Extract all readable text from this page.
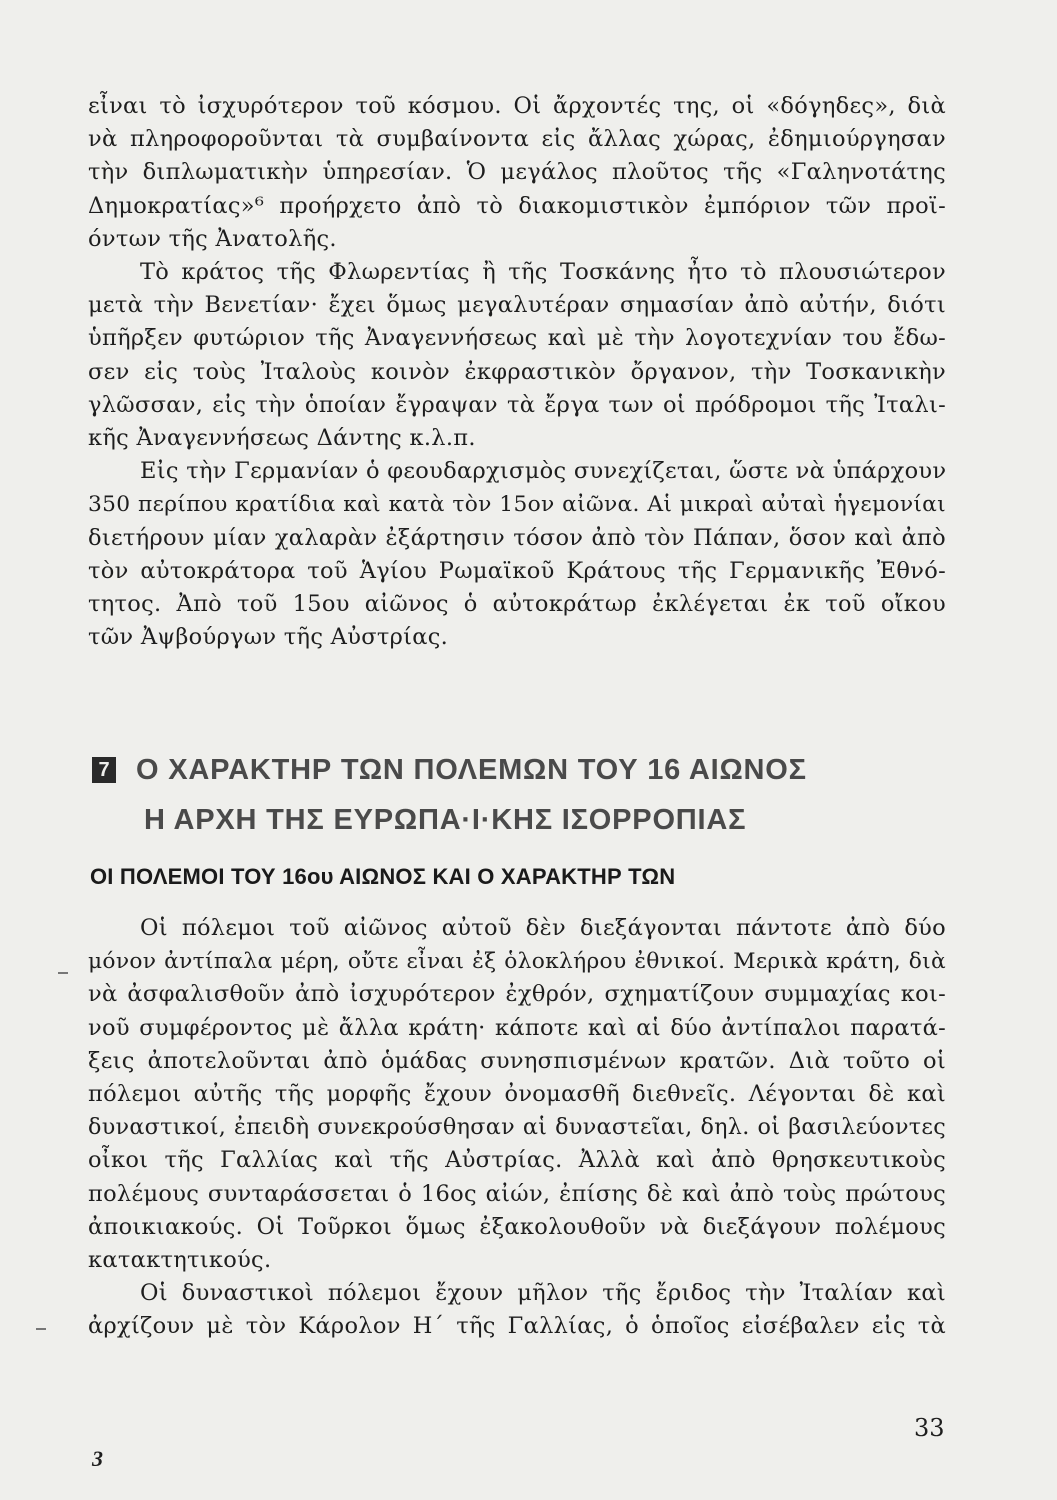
εἶναι τὸ ἰσχυρότερον τοῦ κόσμου. Οἱ ἄρχοντές της, οἱ «δόγηδες», διὰ
νὰ πληροφοροῦνται τὰ συμβαίνοντα εἰς ἄλλας χώρας, ἐδημιούργησαν
τὴν διπλωματικὴν ὑπηρεσίαν. Ὁ μεγάλος πλοῦτος τῆς «Γαληνοτάτης
Δημοκρατίας»⁶ προήρχετο ἀπὸ τὸ διακομιστικὸν ἐμπόριον τῶν προϊ-
όντων τῆς Ἀνατολῆς.
Τὸ κράτος τῆς Φλωρεντίας ἢ τῆς Τοσκάνης ἦτο τὸ πλουσιώτερον
μετὰ τὴν Βενετίαν· ἔχει ὅμως μεγαλυτέραν σημασίαν ἀπὸ αὐτήν, διότι
ὑπῆρξεν φυτώριον τῆς Ἀναγεννήσεως καὶ μὲ τὴν λογοτεχνίαν του ἔδω-
σεν εἰς τοὺς Ἰταλοὺς κοινὸν ἐκφραστικὸν ὄργανον, τὴν Τοσκανικὴν
γλῶσσαν, εἰς τὴν ὁποίαν ἔγραψαν τὰ ἔργα των οἱ πρόδρομοι τῆς Ἰταλι-
κῆς Ἀναγεννήσεως Δάντης κ.λ.π.
Εἰς τὴν Γερμανίαν ὁ φεουδαρχισμὸς συνεχίζεται, ὥστε νὰ ὑπάρχουν
350 περίπου κρατίδια καὶ κατὰ τὸν 15ον αἰῶνα. Αἱ μικραὶ αὐταὶ ἡγεμονίαι
διετήρουν μίαν χαλαρὰν ἐξάρτησιν τόσον ἀπὸ τὸν Πάπαν, ὅσον καὶ ἀπὸ
τὸν αὐτοκράτορα τοῦ Ἁγίου Ρωμαϊκοῦ Κράτους τῆς Γερμανικῆς Ἐθνό-
τητος. Ἀπὸ τοῦ 15ου αἰῶνος ὁ αὐτοκράτωρ ἐκλέγεται ἐκ τοῦ οἴκου
τῶν Ἀψβούργων τῆς Αὐστρίας.
7 Ο ΧΑΡΑΚΤΗΡ ΤΩΝ ΠΟΛΕΜΩΝ ΤΟΥ 16 ΑΙΩΝΟΣ
Η ΑΡΧΗ ΤΗΣ ΕΥΡΩΠΑ·Ι·ΚΗΣ ΙΣΟΡΡΟΠΙΑΣ
ΟΙ ΠΟΛΕΜΟΙ ΤΟΥ 16ου ΑΙΩΝΟΣ ΚΑΙ Ο ΧΑΡΑΚΤΗΡ ΤΩΝ
Οἱ πόλεμοι τοῦ αἰῶνος αὐτοῦ δὲν διεξάγονται πάντοτε ἀπὸ δύο
μόνον ἀντίπαλα μέρη, οὔτε εἶναι ἐξ ὁλοκλήρου ἐθνικοί. Μερικὰ κράτη, διὰ
νὰ ἀσφαλισθοῦν ἀπὸ ἰσχυρότερον ἐχθρόν, σχηματίζουν συμμαχίας κοι-
νοῦ συμφέροντος μὲ ἄλλα κράτη· κάποτε καὶ αἱ δύο ἀντίπαλοι παρατά-
ξεις ἀποτελοῦνται ἀπὸ ὁμάδας συνησπισμένων κρατῶν. Διὰ τοῦτο οἱ
πόλεμοι αὐτῆς τῆς μορφῆς ἔχουν ὀνομασθῆ διεθνεῖς. Λέγονται δὲ καὶ
δυναστικοί, ἐπειδὴ συνεκρούσθησαν αἱ δυναστεῖαι, δηλ. οἱ βασιλεύοντες
οἶκοι τῆς Γαλλίας καὶ τῆς Αὐστρίας. Ἀλλὰ καὶ ἀπὸ θρησκευτικοὺς
πολέμους συνταράσσεται ὁ 16ος αἰών, ἐπίσης δὲ καὶ ἀπὸ τοὺς πρώτους
ἀποικιακούς. Οἱ Τοῦρκοι ὅμως ἐξακολουθοῦν νὰ διεξάγουν πολέμους
κατακτητικούς.
Οἱ δυναστικοὶ πόλεμοι ἔχουν μῆλον τῆς ἔριδος τὴν Ἰταλίαν καὶ
ἀρχίζουν μὲ τὸν Κάρολον Η΄ τῆς Γαλλίας, ὁ ὁποῖος εἰσέβαλεν εἰς τὰ
33
3
